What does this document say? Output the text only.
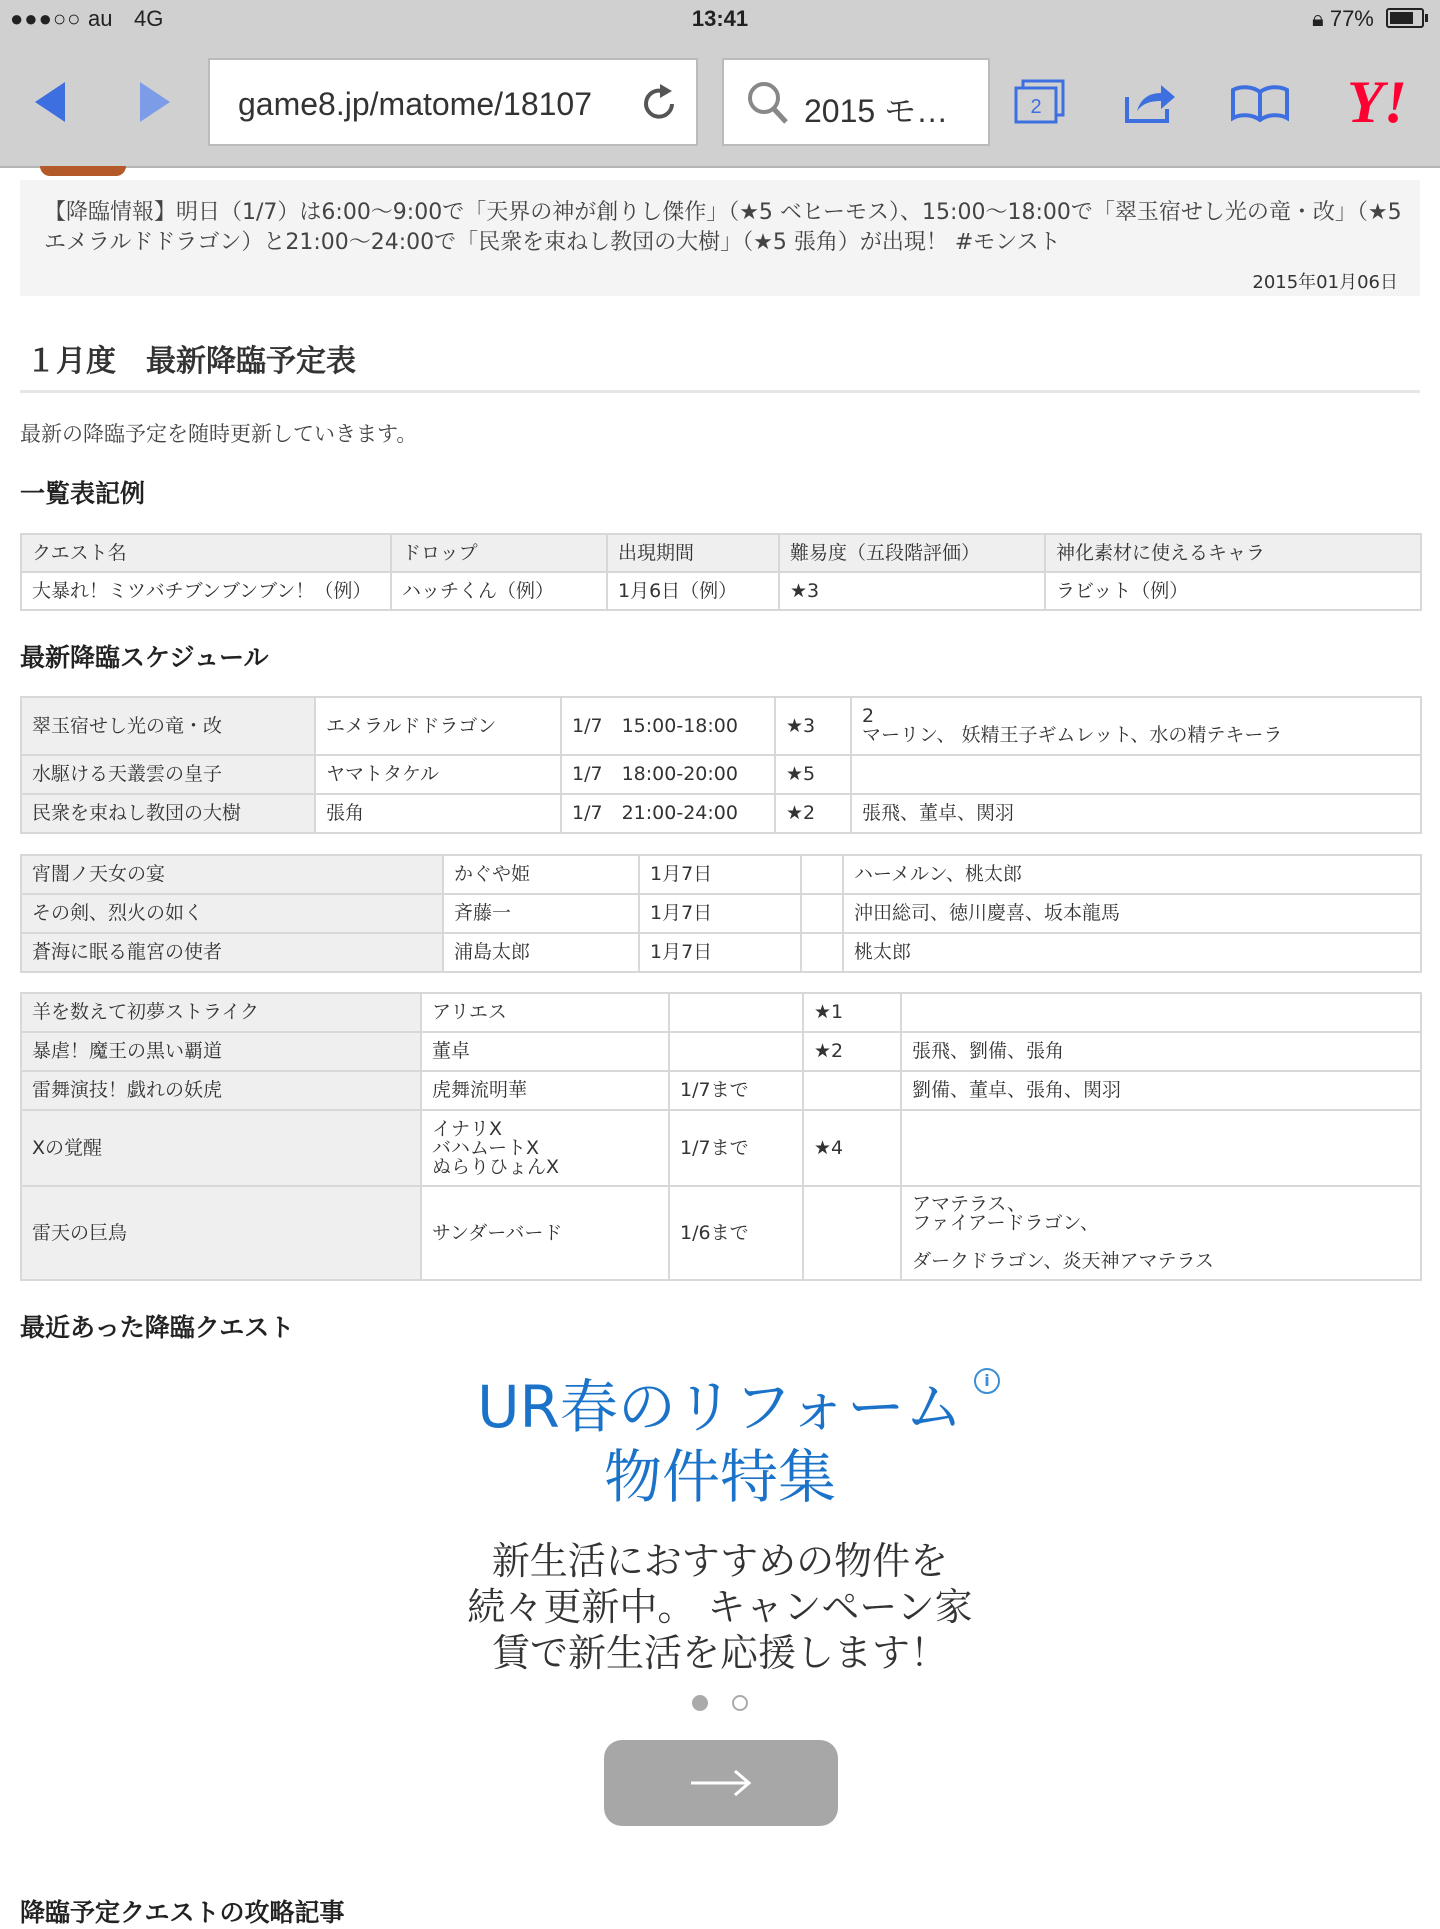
●●●○○ au 4G	13:41	🔒︎ 77%
game8.jp/matome/18107	2015 モ…	2	Y!
【降臨情報】明日（1/7）は6:00〜9:00で「天界の神が創りし傑作」（★5 ベヒーモス）、15:00〜18:00で「翠玉宿せし光の竜・改」（★5 エメラルドドラゴン）と21:00〜24:00で「民衆を束ねし教団の大樹」（★5 張角）が出現！ #モンスト
2015年01月06日
１月度　最新降臨予定表
最新の降臨予定を随時更新していきます。
一覧表記例
クエスト名	ドロップ	出現期間	難易度（五段階評価）	神化素材に使えるキャラ
大暴れ！ミツバチブンブンブン！（例）	ハッチくん（例）	1月6日（例）	★3	ラビット（例）
最新降臨スケジュール
翠玉宿せし光の竜・改	エメラルドドラゴン	1/7　15:00-18:00	★3	2
マーリン、 妖精王子ギムレット、水の精テキーラ
水駆ける天叢雲の皇子	ヤマトタケル	1/7　18:00-20:00	★5	
民衆を束ねし教団の大樹	張角	1/7　21:00-24:00	★2	張飛、董卓、関羽
宵闇ノ天女の宴	かぐや姫	1月7日		ハーメルン、桃太郎
その剣、烈火の如く	斉藤一	1月7日		沖田総司、徳川慶喜、坂本龍馬
蒼海に眠る龍宮の使者	浦島太郎	1月7日		桃太郎
羊を数えて初夢ストライク	アリエス		★1	
暴虐！魔王の黒い覇道	董卓		★2	張飛、劉備、張角
雷舞演技！戯れの妖虎	虎舞流明華	1/7まで		劉備、董卓、張角、関羽
Xの覚醒	イナリX
バハムートX
ぬらりひょんX	1/7まで	★4	
雷天の巨鳥	サンダーバード	1/6まで		アマテラス、
ファイアードラゴン、

ダークドラゴン、炎天神アマテラス
最近あった降臨クエスト
i
UR春のリフォーム
物件特集
新生活におすすめの物件を
続々更新中。 キャンペーン家
賃で新生活を応援します！
降臨予定クエストの攻略記事
